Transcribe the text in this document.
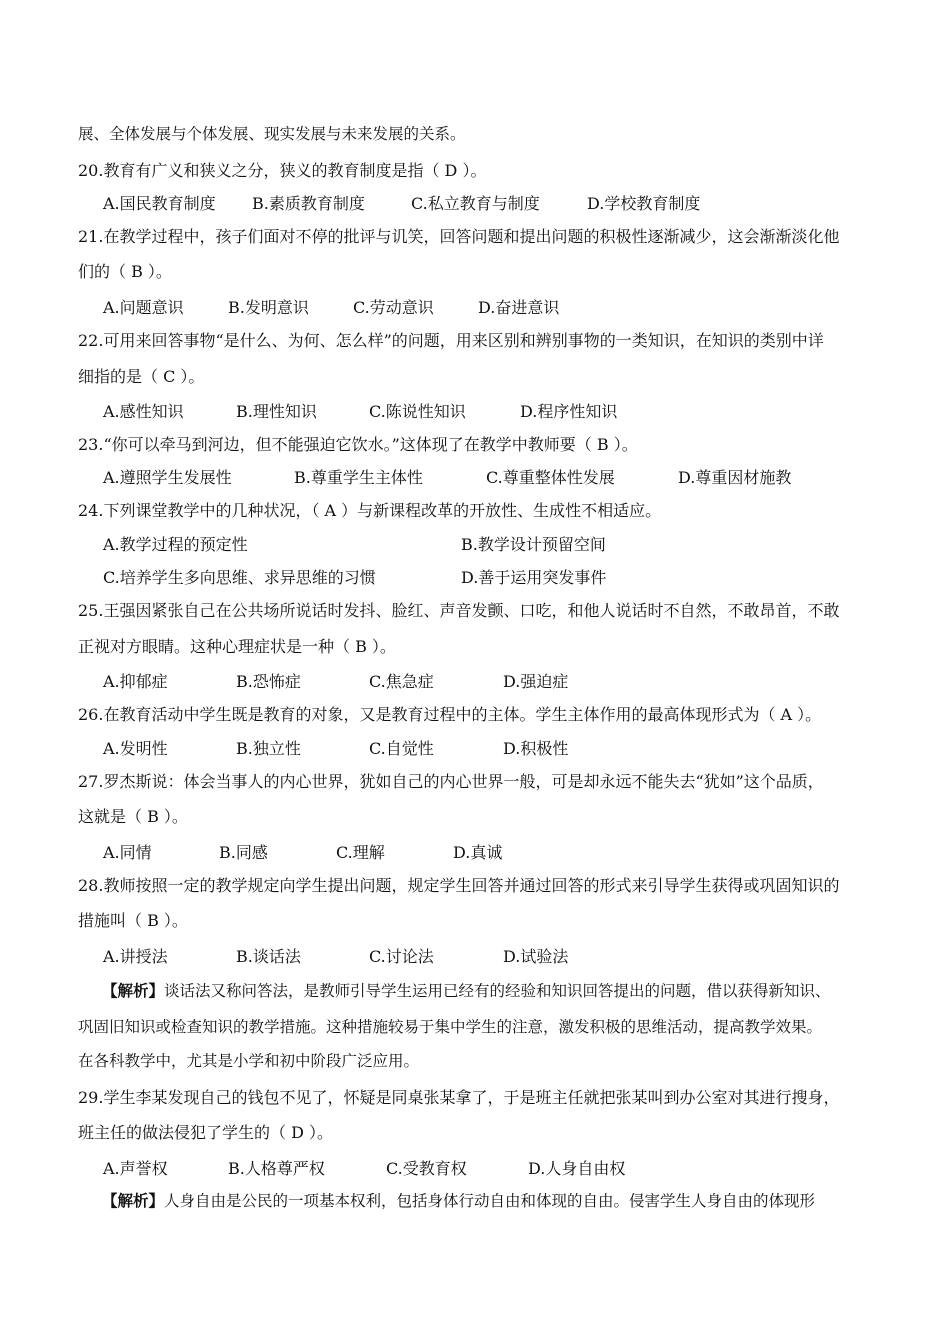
展、全体发展与个体发展、现实发展与未来发展的关系。
20.教育有广义和狭义之分，狭义的教育制度是指（ D ）。
A.国民教育制度 B.素质教育制度	C.私立教育与制度	D.学校教育制度
21.在教学过程中，孩子们面对不停的批评与讥笑，回答问题和提出问题的积极性逐渐减少，这会渐渐淡化他
们的（ B ）。
A.问题意识	B.发明意识	C.劳动意识	D.奋进意识
22.可用来回答事物“是什么、为何、怎么样”的问题，用来区别和辨别事物的一类知识，在知识的类别中详
细指的是（ C ）。
A.感性知识	B.理性知识	C.陈说性知识	D.程序性知识
23.“你可以牵马到河边，但不能强迫它饮水。”这体现了在教学中教师要（ B ）。
A.遵照学生发展性	B.尊重学生主体性	C.尊重整体性发展	D.尊重因材施教
24.下列课堂教学中的几种状况，（ A ）与新课程改革的开放性、生成性不相适应。
A.教学过程的预定性	B.教学设计预留空间
C.培养学生多向思维、求异思维的习惯	D.善于运用突发事件
25.王强因紧张自己在公共场所说话时发抖、脸红、声音发颤、口吃，和他人说话时不自然，不敢昂首，不敢
正视对方眼睛。这种心理症状是一种（ B ）。
A.抑郁症	B.恐怖症	C.焦急症	D.强迫症
26.在教育活动中学生既是教育的对象，又是教育过程中的主体。学生主体作用的最高体现形式为（ A ）。
A.发明性	B.独立性	C.自觉性	D.积极性
27.罗杰斯说：体会当事人的内心世界，犹如自己的内心世界一般，可是却永远不能失去“犹如”这个品质，
这就是（ B ）。
A.同情	B.同感	C.理解	D.真诚
28.教师按照一定的教学规定向学生提出问题，规定学生回答并通过回答的形式来引导学生获得或巩固知识的
措施叫（ B ）。
A.讲授法	B.谈话法	C.讨论法	D.试验法
【解析】谈话法又称问答法，是教师引导学生运用已经有的经验和知识回答提出的问题，借以获得新知识、
巩固旧知识或检查知识的教学措施。这种措施较易于集中学生的注意，激发积极的思维活动，提高教学效果。
在各科教学中，尤其是小学和初中阶段广泛应用。
29.学生李某发现自己的钱包不见了，怀疑是同桌张某拿了，于是班主任就把张某叫到办公室对其进行搜身，
班主任的做法侵犯了学生的（ D ）。
A.声誉权	B.人格尊严权	C.受教育权	D.人身自由权
【解析】人身自由是公民的一项基本权利，包括身体行动自由和体现的自由。侵害学生人身自由的体现形
